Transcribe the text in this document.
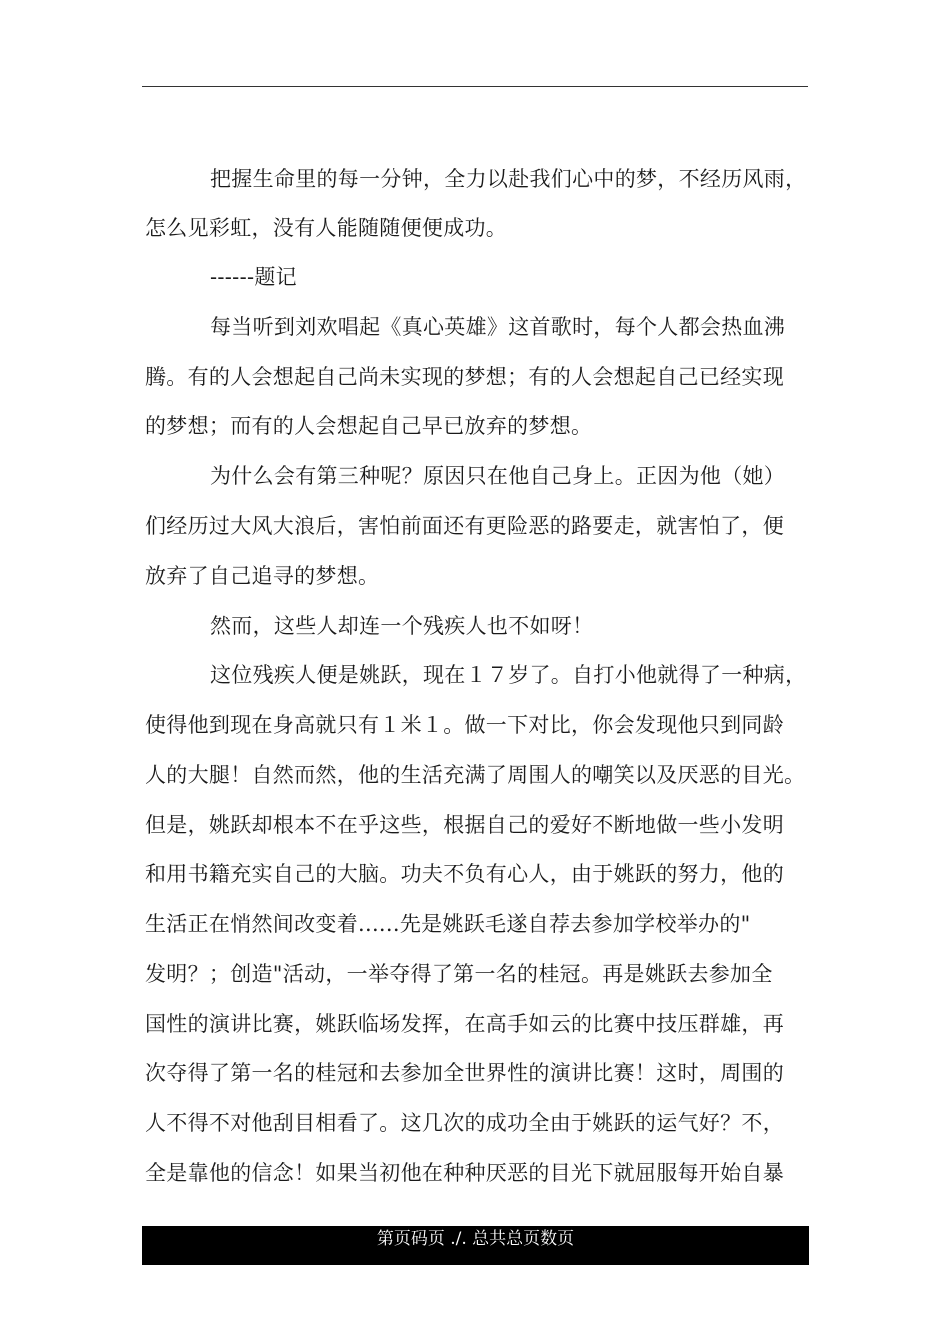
把握生命里的每一分钟，全力以赴我们心中的梦，不经历风雨，
怎么见彩虹，没有人能随随便便成功。
------题记
每当听到刘欢唱起《真心英雄》这首歌时，每个人都会热血沸
腾。有的人会想起自己尚未实现的梦想；有的人会想起自己已经实现
的梦想；而有的人会想起自己早已放弃的梦想。
为什么会有第三种呢？原因只在他自己身上。正因为他（她）
们经历过大风大浪后，害怕前面还有更险恶的路要走，就害怕了，便
放弃了自己追寻的梦想。
然而，这些人却连一个残疾人也不如呀！
这位残疾人便是姚跃，现在１７岁了。自打小他就得了一种病，
使得他到现在身高就只有１米１。做一下对比，你会发现他只到同龄
人的大腿！自然而然，他的生活充满了周围人的嘲笑以及厌恶的目光。
但是，姚跃却根本不在乎这些，根据自己的爱好不断地做一些小发明
和用书籍充实自己的大脑。功夫不负有心人，由于姚跃的努力，他的
生活正在悄然间改变着......先是姚跃毛遂自荐去参加学校举办的"
发明？；创造"活动，一举夺得了第一名的桂冠。再是姚跃去参加全
国性的演讲比赛，姚跃临场发挥，在高手如云的比赛中技压群雄，再
次夺得了第一名的桂冠和去参加全世界性的演讲比赛！这时，周围的
人不得不对他刮目相看了。这几次的成功全由于姚跃的运气好？不，
全是靠他的信念！如果当初他在种种厌恶的目光下就屈服每开始自暴
第页码页 ./. 总共总页数页
